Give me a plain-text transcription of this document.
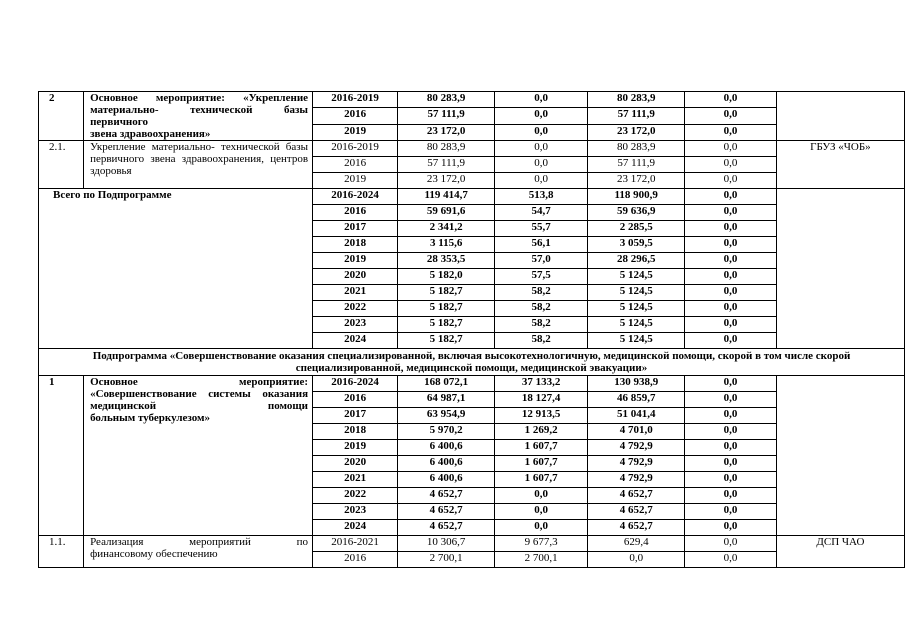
2	Основное мероприятие: «Укрепление материально- технической базы первичного
звена здравоохранения»	2016-2019	80 283,9	0,0	80 283,9	0,0	
		2016	57 111,9	0,0	57 111,9	0,0	
		2019	23 172,0	0,0	23 172,0	0,0	
2.1.	Укрепление материально- технической базы первичного звена здравоохранения, центров
здоровья	2016-2019	80 283,9	0,0	80 283,9	0,0	ГБУЗ «ЧОБ»
		2016	57 111,9	0,0	57 111,9	0,0	
		2019	23 172,0	0,0	23 172,0	0,0	
Всего по Подпрограмме		2016-2024	119 414,7	513,8	118 900,9	0,0	
		2016	59 691,6	54,7	59 636,9	0,0	
		2017	2 341,2	55,7	2 285,5	0,0	
		2018	3 115,6	56,1	3 059,5	0,0	
		2019	28 353,5	57,0	28 296,5	0,0	
		2020	5 182,0	57,5	5 124,5	0,0	
		2021	5 182,7	58,2	5 124,5	0,0	
		2022	5 182,7	58,2	5 124,5	0,0	
		2023	5 182,7	58,2	5 124,5	0,0	
		2024	5 182,7	58,2	5 124,5	0,0	
Подпрограмма «Совершенствование оказания специализированной, включая высокотехнологичную, медицинской помощи, скорой в том числе скорой специализированной, медицинской помощи, медицинской эвакуации»							
1	Основное мероприятие: «Совершенствование системы оказания медицинской помощи
больным туберкулезом»	2016-2024	168 072,1	37 133,2	130 938,9	0,0	
		2016	64 987,1	18 127,4	46 859,7	0,0	
		2017	63 954,9	12 913,5	51 041,4	0,0	
		2018	5 970,2	1 269,2	4 701,0	0,0	
		2019	6 400,6	1 607,7	4 792,9	0,0	
		2020	6 400,6	1 607,7	4 792,9	0,0	
		2021	6 400,6	1 607,7	4 792,9	0,0	
		2022	4 652,7	0,0	4 652,7	0,0	
		2023	4 652,7	0,0	4 652,7	0,0	
		2024	4 652,7	0,0	4 652,7	0,0	
1.1.	Реализация мероприятий по
финансовому обеспечению	2016-2021	10 306,7	9 677,3	629,4	0,0	ДСП ЧАО
		2016	2 700,1	2 700,1	0,0	0,0	
